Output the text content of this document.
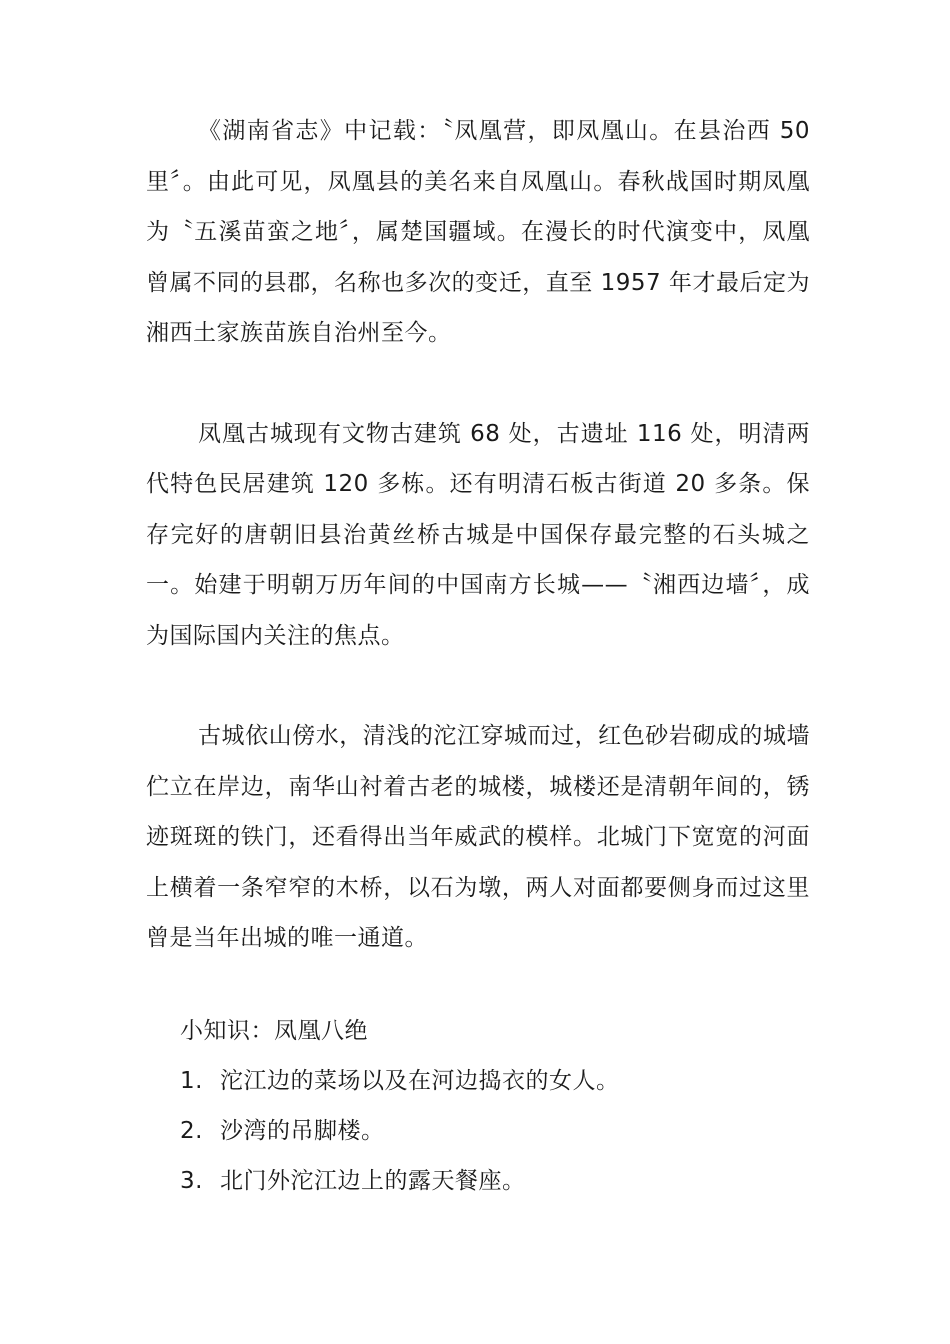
《湖南省志》中记载：〝凤凰营，即凤凰山。在县治西 50 里〞。由此可见，凤凰县的美名来自凤凰山。春秋战国时期凤凰为〝五溪苗蛮之地〞，属楚国疆域。在漫长的时代演变中，凤凰曾属不同的县郡，名称也多次的变迁，直至 1957 年才最后定为湘西土家族苗族自治州至今。

凤凰古城现有文物古建筑 68 处，古遗址 116 处，明清两代特色民居建筑 120 多栋。还有明清石板古街道 20 多条。保存完好的唐朝旧县治黄丝桥古城是中国保存最完整的石头城之一。始建于明朝万历年间的中国南方长城——〝湘西边墙〞，成为国际国内关注的焦点。

古城依山傍水，清浅的沱江穿城而过，红色砂岩砌成的城墙伫立在岸边，南华山衬着古老的城楼，城楼还是清朝年间的，锈迹斑斑的铁门，还看得出当年威武的模样。北城门下宽宽的河面上横着一条窄窄的木桥，以石为墩，两人对面都要侧身而过这里曾是当年出城的唯一通道。

小知识：凤凰八绝

1. 沱江边的菜场以及在河边捣衣的女人。
2. 沙湾的吊脚楼。
3. 北门外沱江边上的露天餐座。
